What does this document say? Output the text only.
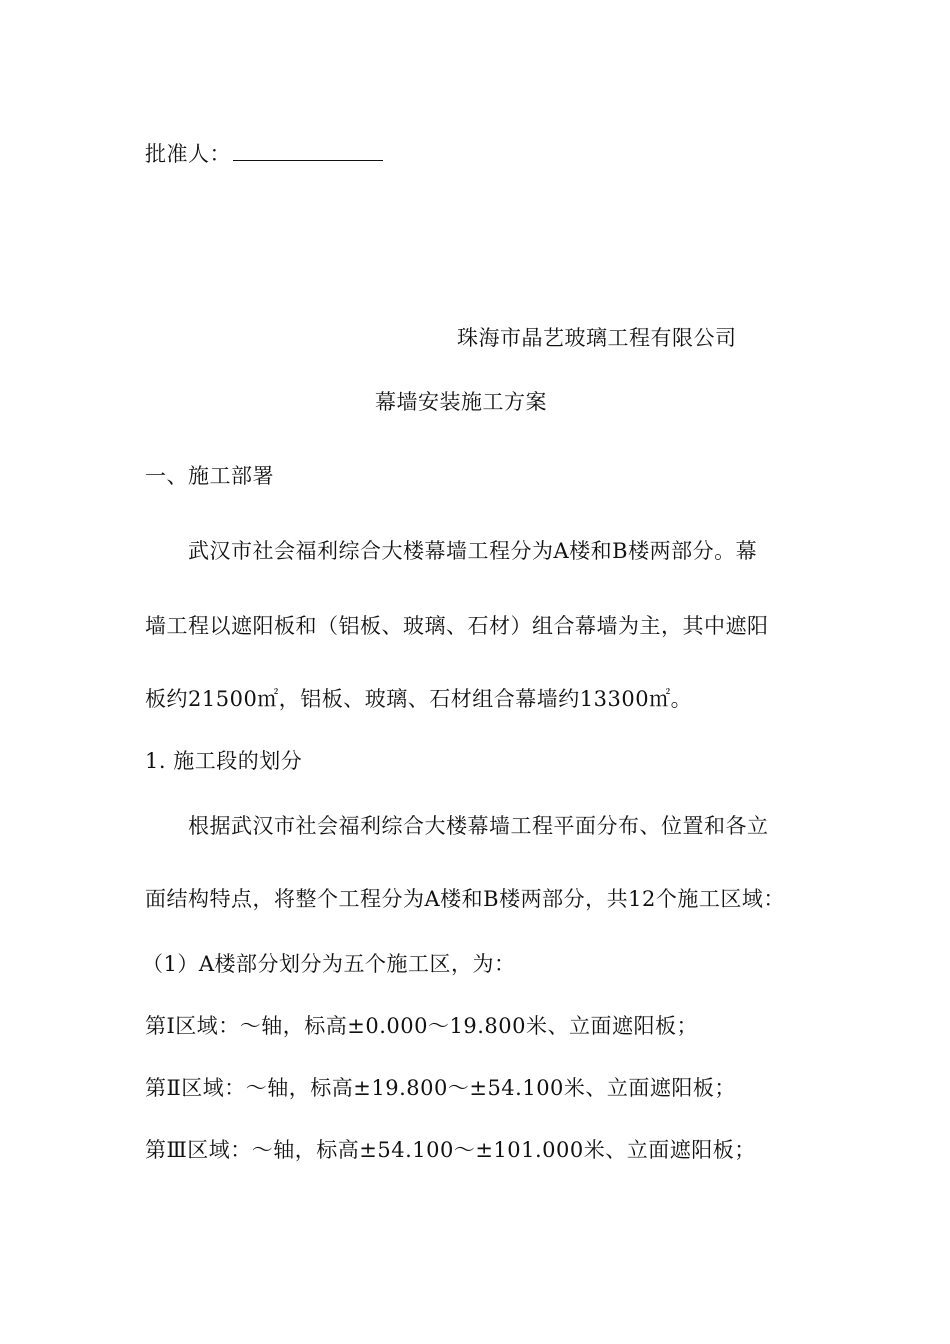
批准人：
珠海市晶艺玻璃工程有限公司
幕墙安装施工方案
一、施工部署
武汉市社会福利综合大楼幕墙工程分为A楼和B楼两部分。幕
墙工程以遮阳板和（铝板、玻璃、石材）组合幕墙为主，其中遮阳
板约21500㎡，铝板、玻璃、石材组合幕墙约13300㎡。
1. 施工段的划分
根据武汉市社会福利综合大楼幕墙工程平面分布、位置和各立
面结构特点，将整个工程分为A楼和B楼两部分，共12个施工区域：
（1）A楼部分划分为五个施工区，为：
第Ⅰ区域：～轴，标高±0.000～19.800米、立面遮阳板；
第Ⅱ区域：～轴，标高±19.800～±54.100米、立面遮阳板；
第Ⅲ区域：～轴，标高±54.100～±101.000米、立面遮阳板；
